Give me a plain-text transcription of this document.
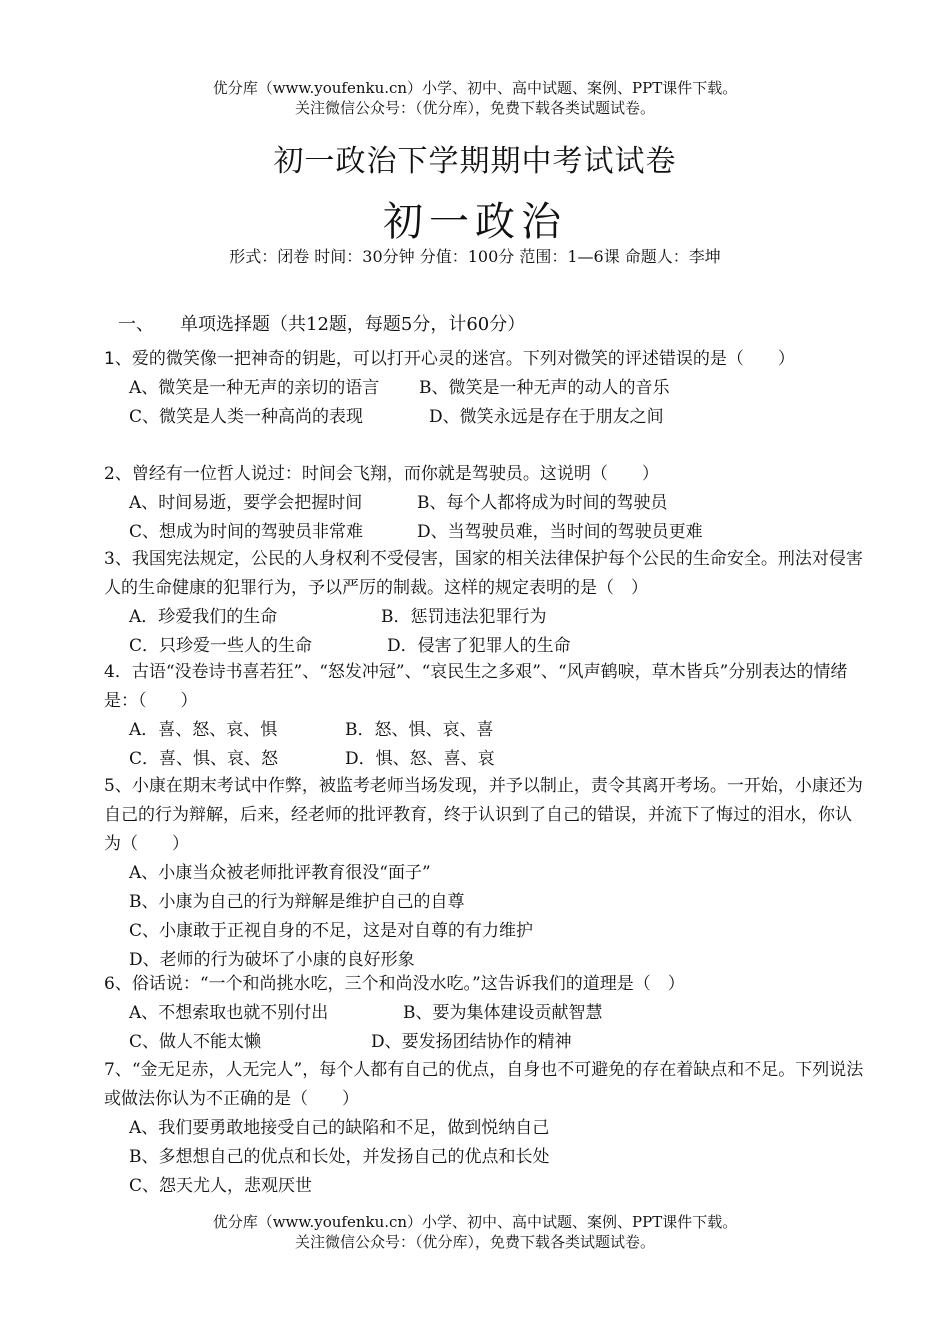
优分库（www.youfenku.cn）小学、初中、高中试题、案例、PPT课件下载。
关注微信公众号：（优分库），免费下载各类试题试卷。
初一政治下学期期中考试试卷
初一政治
形式：闭卷 时间：30分钟 分值：100分 范围：1—6课 命题人：李坤
一、 单项选择题（共12题，每题5分，计60分）

1、爱的微笑像一把神奇的钥匙，可以打开心灵的迷宫。下列对微笑的评述错误的是（　　）

A、微笑是一种无声的亲切的语言 B、微笑是一种无声的动人的音乐
C、微笑是人类一种高尚的表现	D、微笑永远是存在于朋友之间

2、曾经有一位哲人说过：时间会飞翔，而你就是驾驶员。这说明（　　）

A、时间易逝，要学会把握时间	B、每个人都将成为时间的驾驶员
C、想成为时间的驾驶员非常难	D、当驾驶员难，当时间的驾驶员更难

3、我国宪法规定，公民的人身权利不受侵害，国家的相关法律保护每个公民的生命安全。刑法对侵害人的生命健康的犯罪行为，予以严厉的制裁。这样的规定表明的是（　）

A．珍爱我们的生命	B．惩罚违法犯罪行为
C．只珍爱一些人的生命	D．侵害了犯罪人的生命

4．古语“没卷诗书喜若狂”、“怒发冲冠”、“哀民生之多艰”、“风声鹤唳，草木皆兵”分别表达的情绪是：（　　）

A．喜、怒、哀、惧	B．怒、惧、哀、喜
C．喜、惧、哀、怒	D．惧、怒、喜、哀

5、小康在期末考试中作弊，被监考老师当场发现，并予以制止，责令其离开考场。一开始，小康还为自己的行为辩解，后来，经老师的批评教育，终于认识到了自己的错误，并流下了悔过的泪水，你认为（　　）

A、小康当众被老师批评教育很没“面子”
B、小康为自己的行为辩解是维护自己的自尊
C、小康敢于正视自身的不足，这是对自尊的有力维护
D、老师的行为破坏了小康的良好形象

6、俗话说：“一个和尚挑水吃，三个和尚没水吃。”这告诉我们的道理是（　）

A、不想索取也就不别付出	B、要为集体建设贡献智慧
C、做人不能太懒	D、要发扬团结协作的精神

7、“金无足赤，人无完人”，每个人都有自己的优点，自身也不可避免的存在着缺点和不足。下列说法或做法你认为不正确的是（　　）

A、我们要勇敢地接受自己的缺陷和不足，做到悦纳自己
B、多想想自己的优点和长处，并发扬自己的优点和长处
C、怨天尤人，悲观厌世
优分库（www.youfenku.cn）小学、初中、高中试题、案例、PPT课件下载。
关注微信公众号：（优分库），免费下载各类试题试卷。
